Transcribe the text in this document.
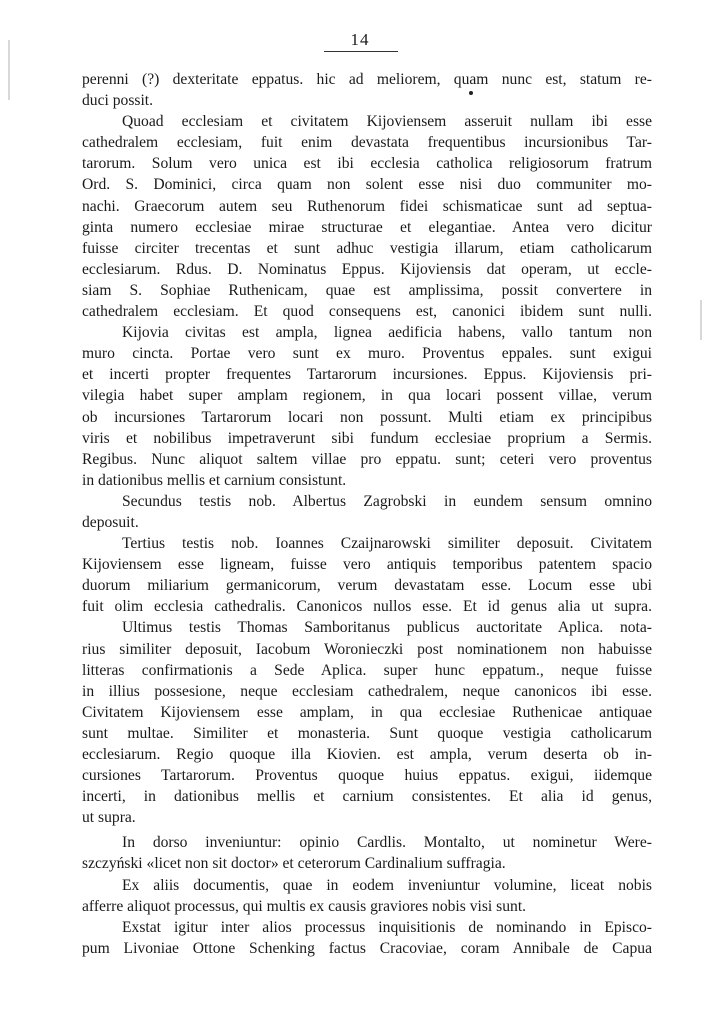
14
perenni (?) dexteritate eppatus. hic ad meliorem, quam nunc est, statum re-
duci possit.
Quoad ecclesiam et civitatem Kijoviensem asseruit nullam ibi esse
cathedralem ecclesiam, fuit enim devastata frequentibus incursionibus Tar-
tarorum. Solum vero unica est ibi ecclesia catholica religiosorum fratrum
Ord. S. Dominici, circa quam non solent esse nisi duo communiter mo-
nachi. Graecorum autem seu Ruthenorum fidei schismaticae sunt ad septua-
ginta numero ecclesiae mirae structurae et elegantiae. Antea vero dicitur
fuisse circiter trecentas et sunt adhuc vestigia illarum, etiam catholicarum
ecclesiarum. Rdus. D. Nominatus Eppus. Kijoviensis dat operam, ut eccle-
siam S. Sophiae Ruthenicam, quae est amplissima, possit convertere in
cathedralem ecclesiam. Et quod consequens est, canonici ibidem sunt nulli.
Kijovia civitas est ampla, lignea aedificia habens, vallo tantum non
muro cincta. Portae vero sunt ex muro. Proventus eppales. sunt exigui
et incerti propter frequentes Tartarorum incursiones. Eppus. Kijoviensis pri-
vilegia habet super amplam regionem, in qua locari possent villae, verum
ob incursiones Tartarorum locari non possunt. Multi etiam ex principibus
viris et nobilibus impetraverunt sibi fundum ecclesiae proprium a Sermis.
Regibus. Nunc aliquot saltem villae pro eppatu. sunt; ceteri vero proventus
in dationibus mellis et carnium consistunt.
Secundus testis nob. Albertus Zagrobski in eundem sensum omnino
deposuit.
Tertius testis nob. Ioannes Czaijnarowski similiter deposuit. Civitatem
Kijoviensem esse ligneam, fuisse vero antiquis temporibus patentem spacio
duorum miliarium germanicorum, verum devastatam esse. Locum esse ubi
fuit olim ecclesia cathedralis. Canonicos nullos esse. Et id genus alia ut supra.
Ultimus testis Thomas Samboritanus publicus auctoritate Aplica. nota-
rius similiter deposuit, Iacobum Woronieczki post nominationem non habuisse
litteras confirmationis a Sede Aplica. super hunc eppatum., neque fuisse
in illius possesione, neque ecclesiam cathedralem, neque canonicos ibi esse.
Civitatem Kijoviensem esse amplam, in qua ecclesiae Ruthenicae antiquae
sunt multae. Similiter et monasteria. Sunt quoque vestigia catholicarum
ecclesiarum. Regio quoque illa Kiovien. est ampla, verum deserta ob in-
cursiones Tartarorum. Proventus quoque huius eppatus. exigui, iidemque
incerti, in dationibus mellis et carnium consistentes. Et alia id genus,
ut supra.
In dorso inveniuntur: opinio Cardlis. Montalto, ut nominetur Were-
szczyński «licet non sit doctor» et ceterorum Cardinalium suffragia.
Ex aliis documentis, quae in eodem inveniuntur volumine, liceat nobis
afferre aliquot processus, qui multis ex causis graviores nobis visi sunt.
Exstat igitur inter alios processus inquisitionis de nominando in Episco-
pum Livoniae Ottone Schenking factus Cracoviae, coram Annibale de Capua
